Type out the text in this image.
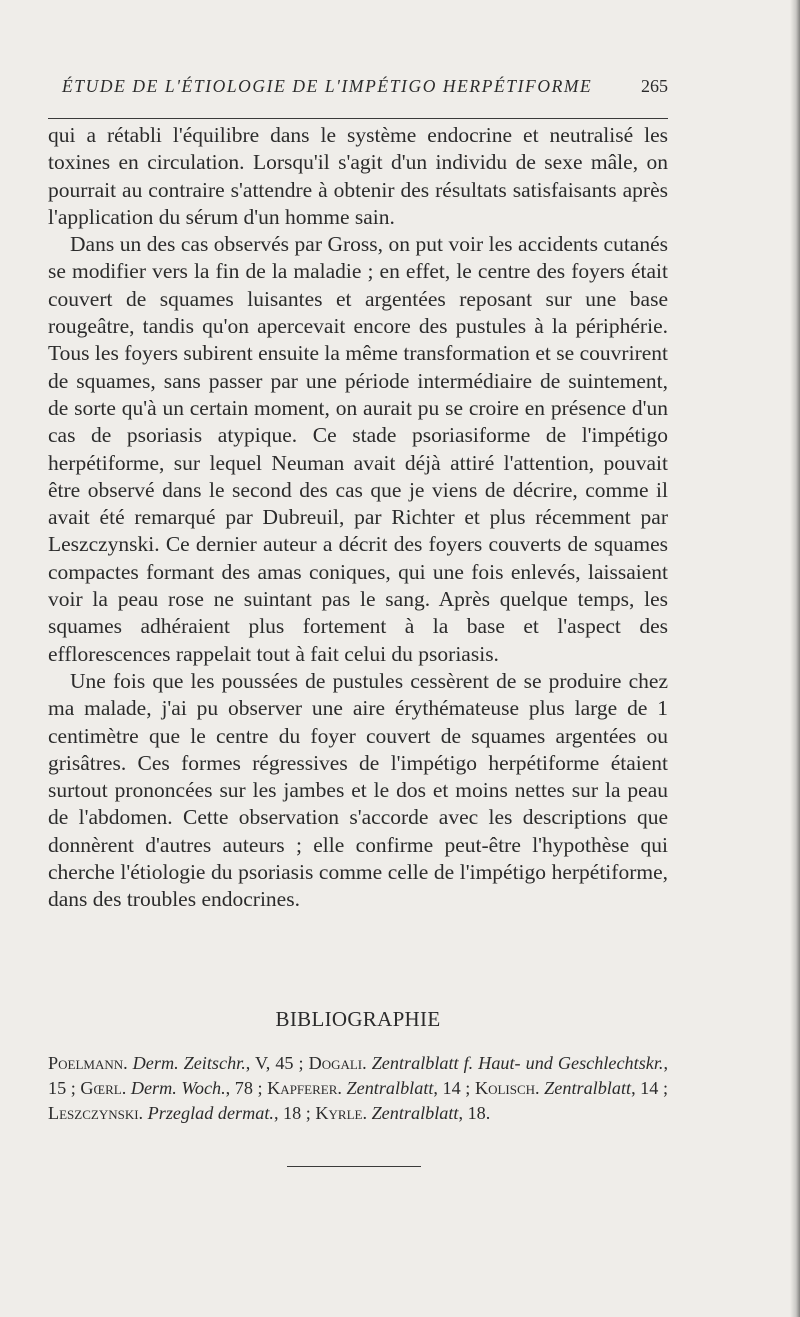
ÉTUDE DE L'ÉTIOLOGIE DE L'IMPÉTIGO HERPÉTIFORME	265

qui a rétabli l'équilibre dans le système endocrine et neutralisé les toxines en circulation. Lorsqu'il s'agit d'un individu de sexe mâle, on pourrait au contraire s'attendre à obtenir des résultats satisfaisants après l'application du sérum d'un homme sain.

Dans un des cas observés par Gross, on put voir les accidents cutanés se modifier vers la fin de la maladie ; en effet, le centre des foyers était couvert de squames luisantes et argentées reposant sur une base rougeâtre, tandis qu'on apercevait encore des pustules à la périphérie. Tous les foyers subirent ensuite la même transformation et se couvrirent de squames, sans passer par une période intermédiaire de suintement, de sorte qu'à un certain moment, on aurait pu se croire en présence d'un cas de psoriasis atypique. Ce stade psoriasiforme de l'impétigo herpétiforme, sur lequel Neuman avait déjà attiré l'attention, pouvait être observé dans le second des cas que je viens de décrire, comme il avait été remarqué par Dubreuil, par Richter et plus récemment par Leszczynski. Ce dernier auteur a décrit des foyers couverts de squames compactes formant des amas coniques, qui une fois enlevés, laissaient voir la peau rose ne suintant pas le sang. Après quelque temps, les squames adhéraient plus fortement à la base et l'aspect des efflorescences rappelait tout à fait celui du psoriasis.

Une fois que les poussées de pustules cessèrent de se produire chez ma malade, j'ai pu observer une aire érythémateuse plus large de 1 centimètre que le centre du foyer couvert de squames argentées ou grisâtres. Ces formes régressives de l'impétigo herpétiforme étaient surtout prononcées sur les jambes et le dos et moins nettes sur la peau de l'abdomen. Cette observation s'accorde avec les descriptions que donnèrent d'autres auteurs ; elle confirme peut-être l'hypothèse qui cherche l'étiologie du psoriasis comme celle de l'impétigo herpétiforme, dans des troubles endocrines.

BIBLIOGRAPHIE
Poelmann. Derm. Zeitschr., V, 45 ; Dogali. Zentralblatt f. Haut- und Geschlechtskr., 15 ; Gœrl. Derm. Woch., 78 ; Kapferer. Zentralblatt, 14 ; Kolisch. Zentralblatt, 14 ; Leszczynski. Przeglad dermat., 18 ; Kyrle. Zentralblatt, 18.
